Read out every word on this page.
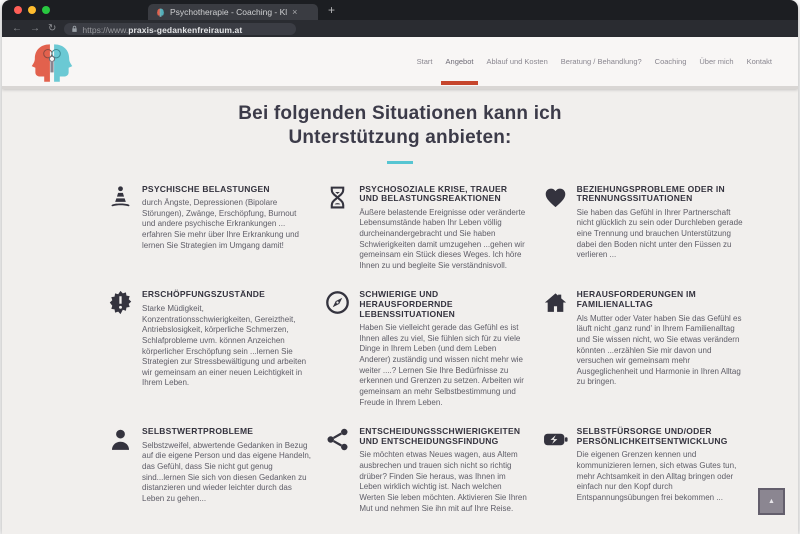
Psychotherapie - Coaching - Kl ×	+
← → ↻	https://www.praxis-gedankenfreiraum.at
Start Angebot Ablauf und Kosten Beratung / Behandlung? Coaching Über mich Kontakt
Bei folgenden Situationen kann ich
Unterstützung anbieten:
PSYCHISCHE BELASTUNGEN
durch Ängste, Depressionen (Bipolare Störungen), Zwänge, Erschöpfung, Burnout und andere psychische Erkrankungen ... erfahren Sie mehr über Ihre Erkrankung und lernen Sie Strategien im Umgang damit!
PSYCHOSOZIALE KRISE, TRAUER UND BELASTUNGSREAKTIONEN
Äußere belastende Ereignisse oder veränderte Lebensumstände haben Ihr Leben völlig durcheinandergebracht und Sie haben Schwierigkeiten damit umzugehen ...gehen wir gemeinsam ein Stück dieses Weges. Ich höre Ihnen zu und begleite Sie verständnisvoll.
BEZIEHUNGSPROBLEME ODER IN TRENNUNGSSITUATIONEN
Sie haben das Gefühl in Ihrer Partnerschaft nicht glücklich zu sein oder Durchleben gerade eine Trennung und brauchen Unterstützung dabei den Boden nicht unter den Füssen zu verlieren ...
ERSCHÖPFUNGSZUSTÄNDE
Starke Müdigkeit, Konzentrationsschwierigkeiten, Gereiztheit, Antriebslosigkeit, körperliche Schmerzen, Schlafprobleme uvm. können Anzeichen körperlicher Erschöpfung sein ...lernen Sie Strategien zur Stressbewältigung und arbeiten wir gemeinsam an einer neuen Leichtigkeit in Ihrem Leben.
SCHWIERIGE UND HERAUSFORDERNDE LEBENSSITUATIONEN
Haben Sie vielleicht gerade das Gefühl es ist Ihnen alles zu viel, Sie fühlen sich für zu viele Dinge in Ihrem Leben (und dem Leben Anderer) zuständig und wissen nicht mehr wie weiter ....? Lernen Sie Ihre Bedürfnisse zu erkennen und Grenzen zu setzen. Arbeiten wir gemeinsam an mehr Selbstbestimmung und Freude in Ihrem Leben.
HERAUSFORDERUNGEN IM FAMILIENALLTAG
Als Mutter oder Vater haben Sie das Gefühl es läuft nicht ‚ganz rund' in Ihrem Familienalltag und Sie wissen nicht, wo Sie etwas verändern könnten ...erzählen Sie mir davon und versuchen wir gemeinsam mehr Ausgeglichenheit und Harmonie in Ihren Alltag zu bringen.
SELBSTWERTPROBLEME
Selbstzweifel, abwertende Gedanken in Bezug auf die eigene Person und das eigene Handeln, das Gefühl, dass Sie nicht gut genug sind...lernen Sie sich von diesen Gedanken zu distanzieren und wieder leichter durch das Leben zu gehen...
ENTSCHEIDUNGSSCHWIERIGKEITEN UND ENTSCHEIDUNGSFINDUNG
Sie möchten etwas Neues wagen, aus Altem ausbrechen und trauen sich nicht so richtig drüber? Finden Sie heraus, was Ihnen im Leben wirklich wichtig ist. Nach welchen Werten Sie leben möchten. Aktivieren Sie Ihren Mut und nehmen Sie ihn mit auf Ihre Reise.
SELBSTFÜRSORGE UND/ODER PERSÖNLICHKEITSENTWICKLUNG
Die eigenen Grenzen kennen und kommunizieren lernen, sich etwas Gutes tun, mehr Achtsamkeit in den Alltag bringen oder einfach nur den Kopf durch Entspannungsübungen frei bekommen ...	▲
